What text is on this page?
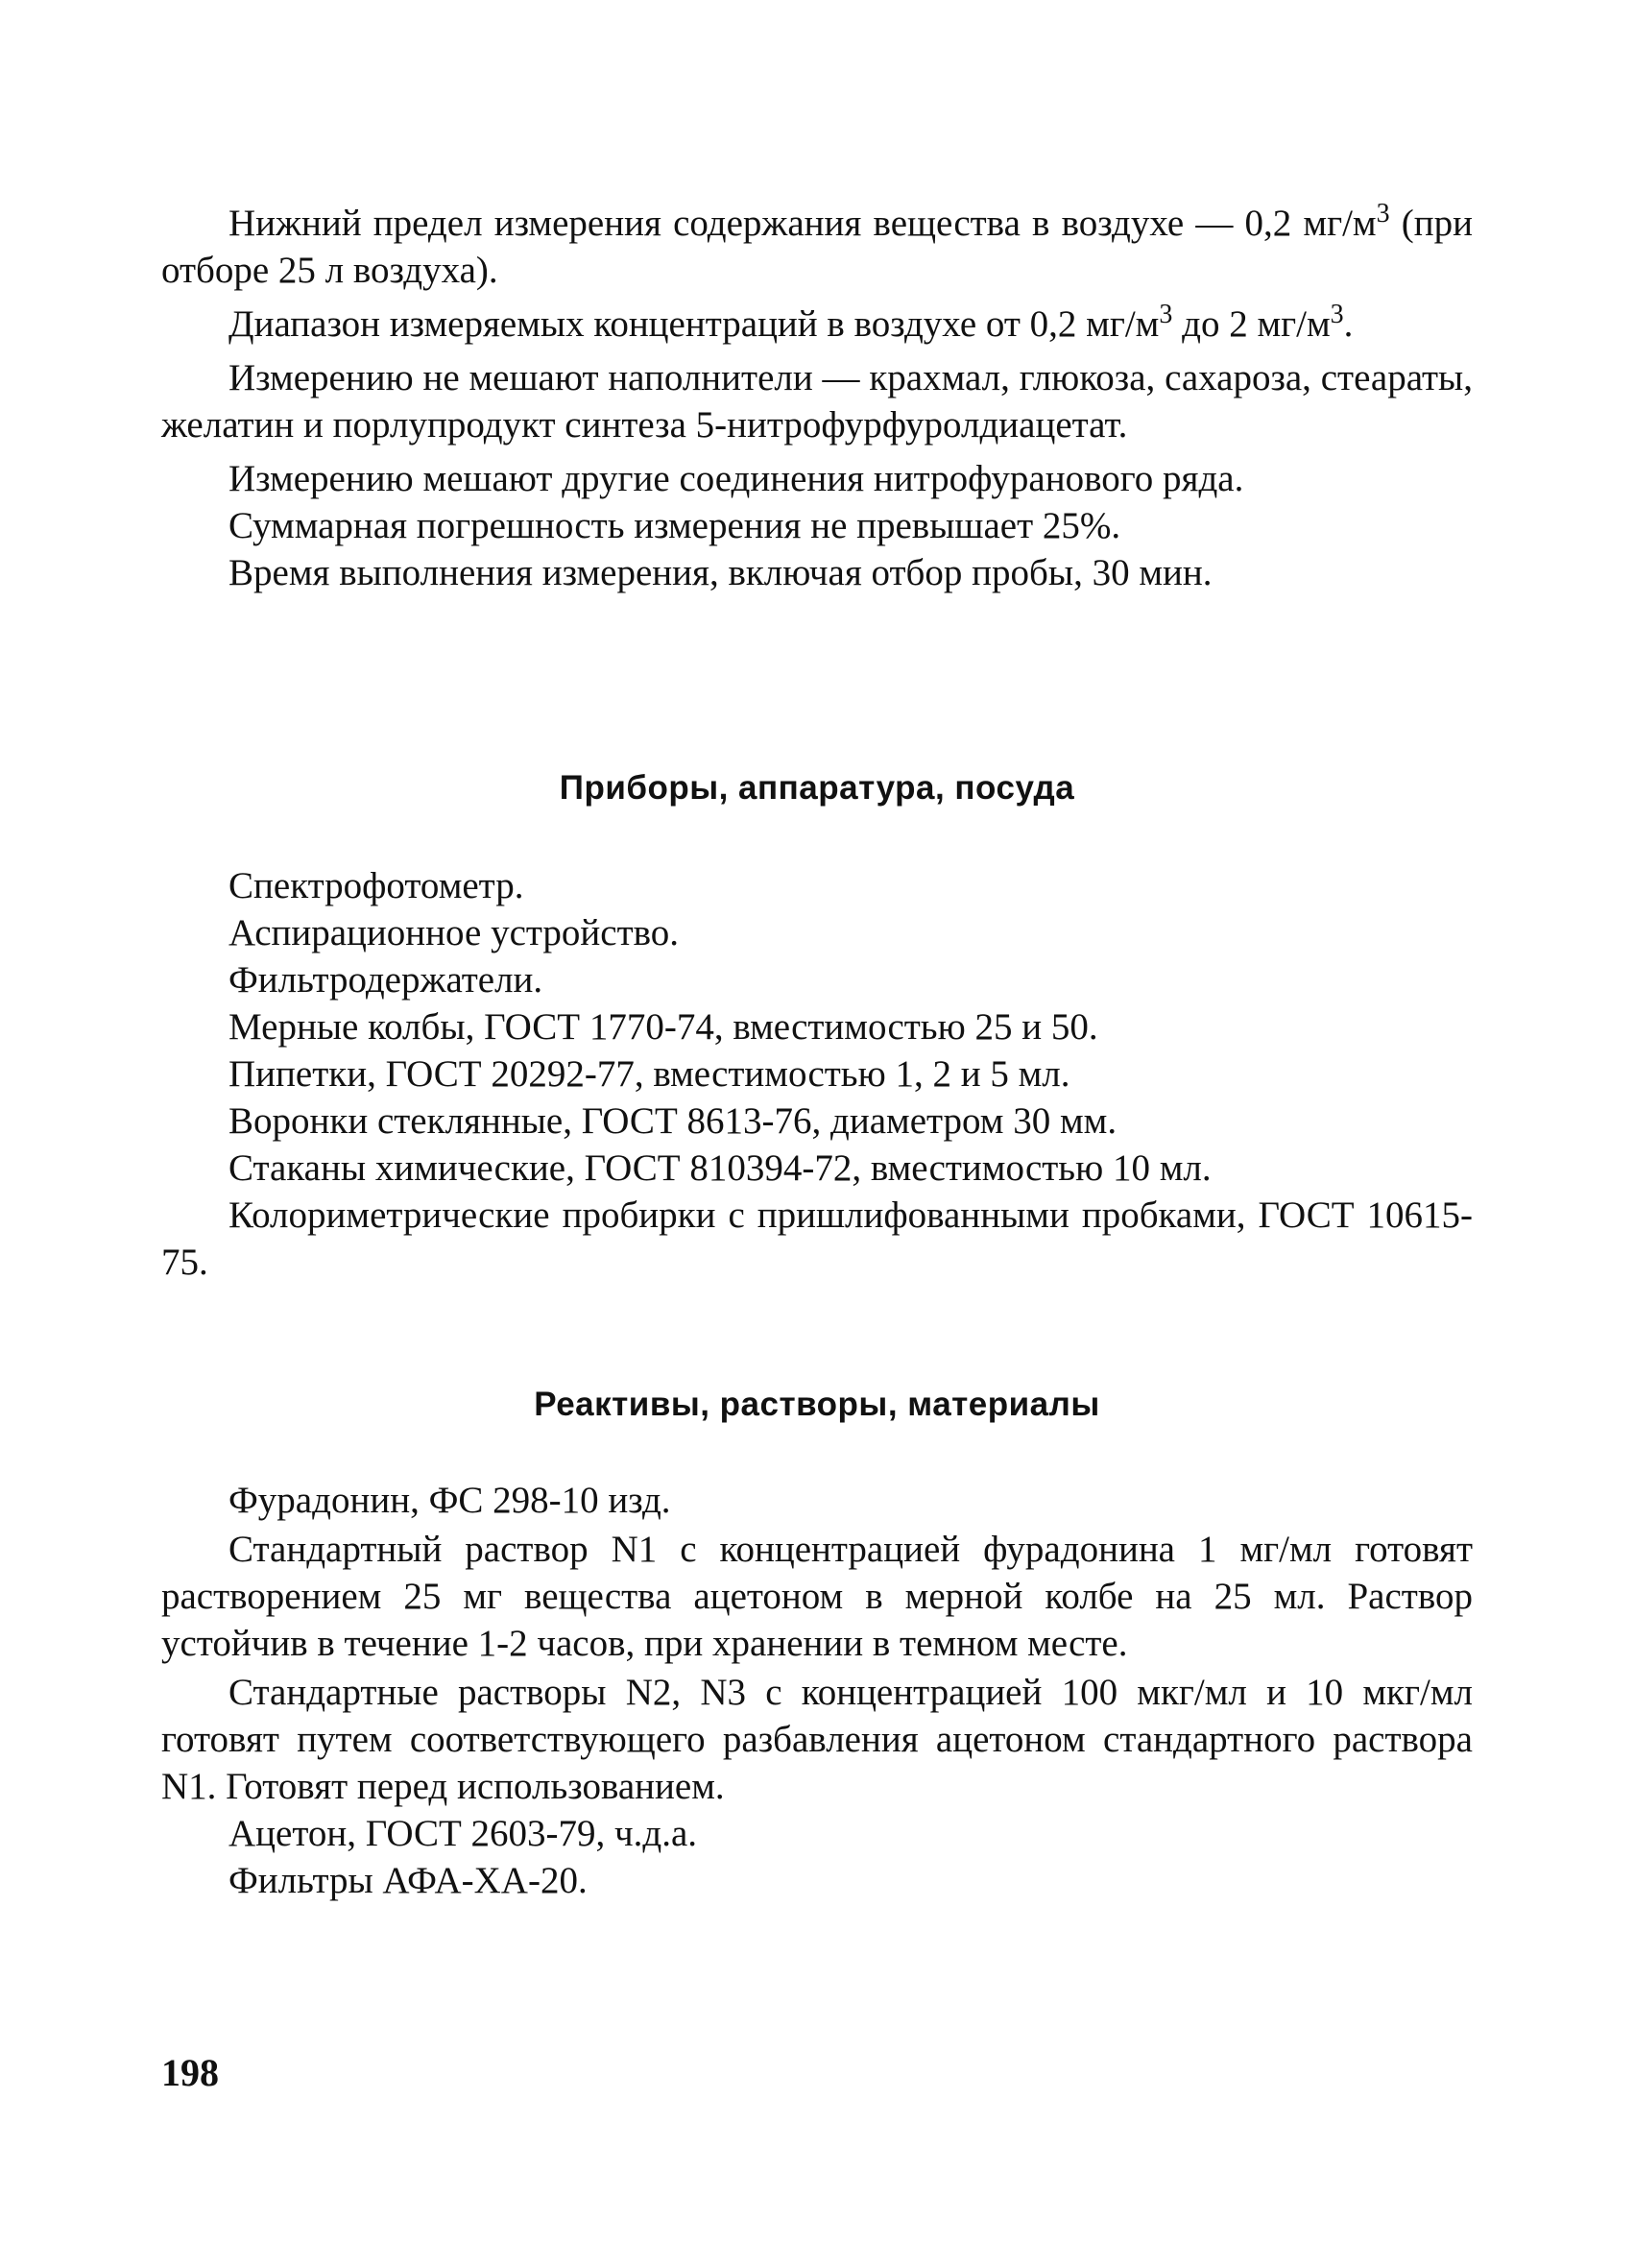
Нижний предел измерения содержания вещества в воздухе — 0,2 $мг/м^3$ (при отборе 25 л воздуха).

Диапазон измеряемых концентраций в воздухе от 0,2 $мг/м^3$ до 2 $мг/м^3$.

Измерению не мешают наполнители — крахмал, глюкоза, сахароза, стеараты, желатин и порлупродукт синтеза 5-нитрофурфуролдиацетат.

Измерению мешают другие соединения нитрофуранового ряда.

Суммарная погрешность измерения не превышает 25%.

Время выполнения измерения, включая отбор пробы, 30 мин.

Приборы, аппаратура, посуда

Спектрофотометр.

Аспирационное устройство.

Фильтродержатели.

Мерные колбы, ГОСТ 1770-74, вместимостью 25 и 50.

Пипетки, ГОСТ 20292-77, вместимостью 1, 2 и 5 мл.

Воронки стеклянные, ГОСТ 8613-76, диаметром 30 мм.

Стаканы химические, ГОСТ 810394-72, вместимостью 10 мл.

Колориметрические пробирки с пришлифованными пробками, ГОСТ 10615-75.

Реактивы, растворы, материалы

Фурадонин, ФС 298-10 изд.

Стандартный раствор N1 с концентрацией фурадонина 1 мг/мл готовят растворением 25 мг вещества ацетоном в мерной колбе на 25 мл. Раствор устойчив в течение 1-2 часов, при хранении в темном месте.

Стандартные растворы N2, N3 с концентрацией 100 мкг/мл и 10 мкг/мл готовят путем соответствующего разбавления ацетоном стандартного раствора N1. Готовят перед использованием.

Ацетон, ГОСТ 2603-79, ч.д.а.

Фильтры АФА-ХА-20.

198
